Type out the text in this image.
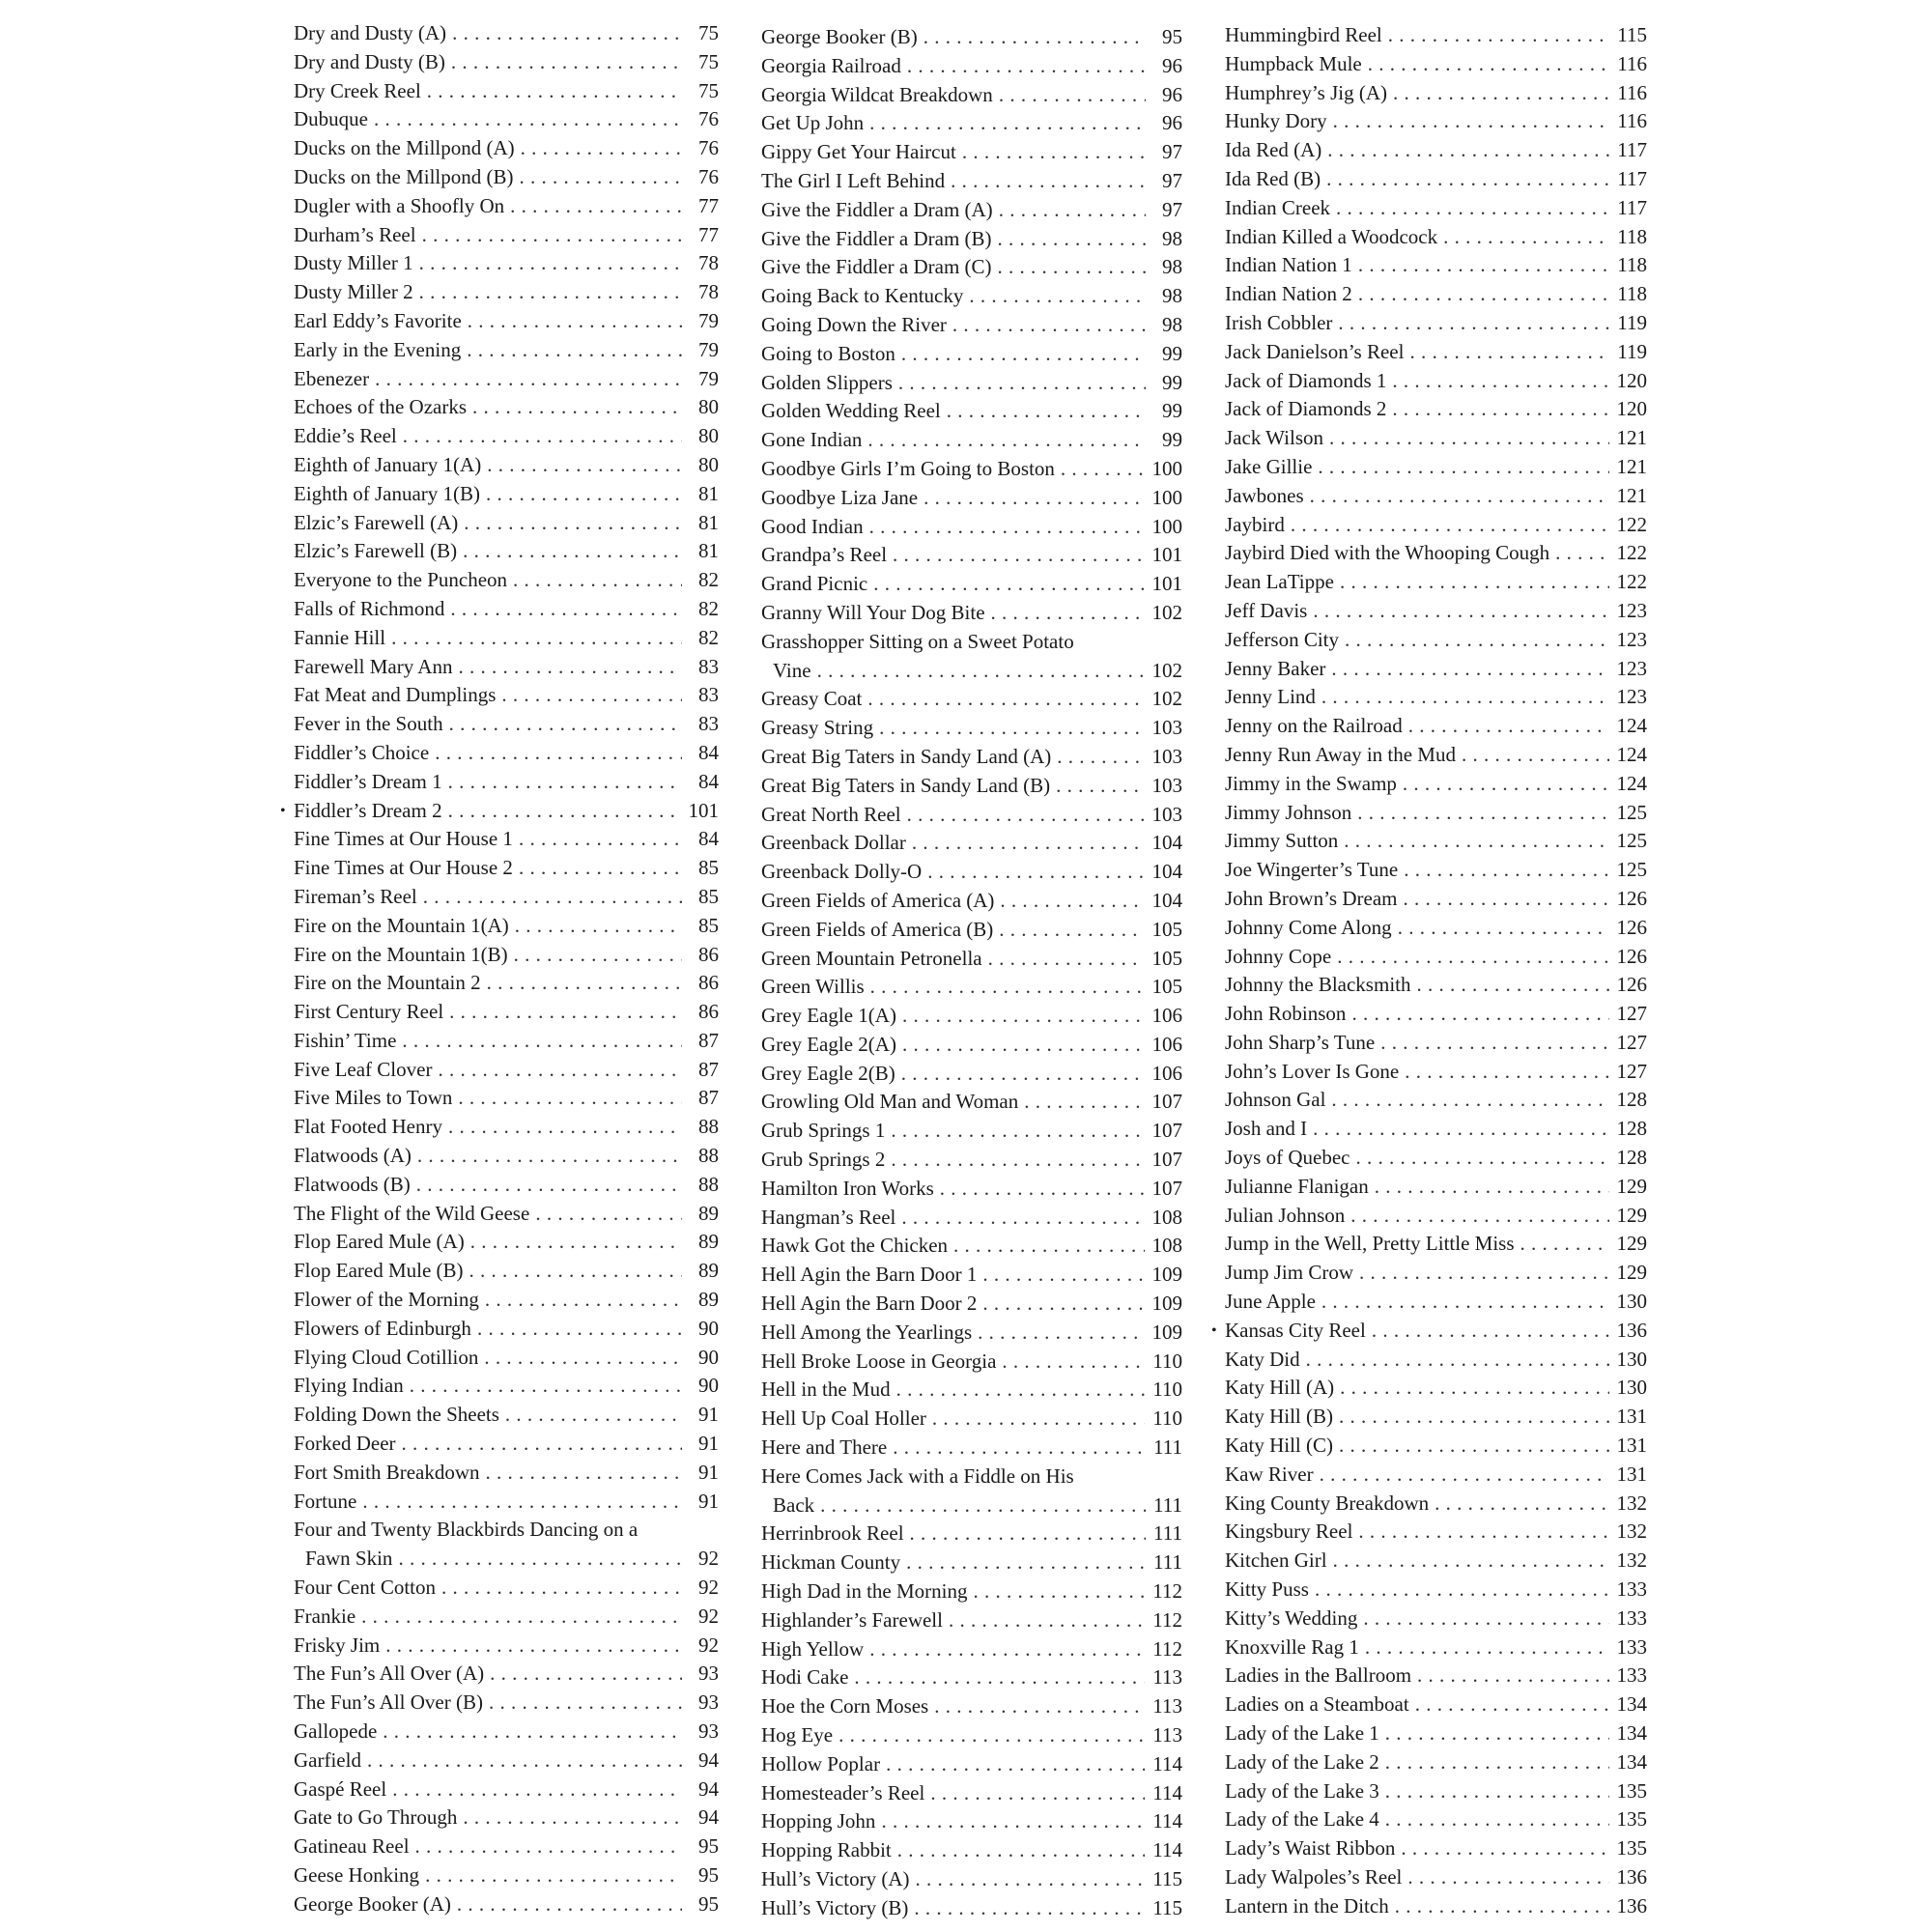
Dry and Dusty (A) . . .	75
Dry and Dusty (B) . . .	75
Dry Creek Reel . . .	75
Dubuque . . .	76
Ducks on the Millpond (A) . . .	76
Ducks on the Millpond (B) . . .	76
Dugler with a Shoofly On . . .	77
Durham’s Reel . . .	77
Dusty Miller 1 . . .	78
Dusty Miller 2 . . .	78
Earl Eddy’s Favorite . . .	79
Early in the Evening . . .	79
Ebenezer . . .	79
Echoes of the Ozarks . . .	80
Eddie’s Reel . . .	80
Eighth of January 1(A) . . .	80
Eighth of January 1(B) . . .	81
Elzic’s Farewell (A) . . .	81
Elzic’s Farewell (B) . . .	81
Everyone to the Puncheon . . .	82
Falls of Richmond . . .	82
Fannie Hill . . .	82
Farewell Mary Ann . . .	83
Fat Meat and Dumplings . . .	83
Fever in the South . . .	83
Fiddler’s Choice . . .	84
Fiddler’s Dream 1 . . .	84
• Fiddler’s Dream 2 . . .	101
Fine Times at Our House 1 . . .	84
Fine Times at Our House 2 . . .	85
Fireman’s Reel . . .	85
Fire on the Mountain 1(A) . . .	85
Fire on the Mountain 1(B) . . .	86
Fire on the Mountain 2 . . .	86
First Century Reel . . .	86
Fishin’ Time . . .	87
Five Leaf Clover . . .	87
Five Miles to Town . . .	87
Flat Footed Henry . . .	88
Flatwoods (A) . . .	88
Flatwoods (B) . . .	88
The Flight of the Wild Geese . . .	89
Flop Eared Mule (A) . . .	89
Flop Eared Mule (B) . . .	89
Flower of the Morning . . .	89
Flowers of Edinburgh . . .	90
Flying Cloud Cotillion . . .	90
Flying Indian . . .	90
Folding Down the Sheets . . .	91
Forked Deer . . .	91
Fort Smith Breakdown . . .	91
Fortune . . .	91
Four and Twenty Blackbirds Dancing on a
Fawn Skin . . .	92
Four Cent Cotton . . .	92
Frankie . . .	92
Frisky Jim . . .	92
The Fun’s All Over (A) . . .	93
The Fun’s All Over (B) . . .	93
Gallopede . . .	93
Garfield . . .	94
Gaspé Reel . . .	94
Gate to Go Through . . .	94
Gatineau Reel . . .	95
Geese Honking . . .	95
George Booker (A) . . .	95
George Booker (B) . . .	95
Georgia Railroad . . .	96
Georgia Wildcat Breakdown . . .	96
Get Up John . . .	96
Gippy Get Your Haircut . . .	97
The Girl I Left Behind . . .	97
Give the Fiddler a Dram (A) . . .	97
Give the Fiddler a Dram (B) . . .	98
Give the Fiddler a Dram (C) . . .	98
Going Back to Kentucky . . .	98
Going Down the River . . .	98
Going to Boston . . .	99
Golden Slippers . . .	99
Golden Wedding Reel . . .	99
Gone Indian . . .	99
Goodbye Girls I’m Going to Boston . . .	100
Goodbye Liza Jane . . .	100
Good Indian . . .	100
Grandpa’s Reel . . .	101
Grand Picnic . . .	101
Granny Will Your Dog Bite . . .	102
Grasshopper Sitting on a Sweet Potato
Vine . . .	102
Greasy Coat . . .	102
Greasy String . . .	103
Great Big Taters in Sandy Land (A) . . .	103
Great Big Taters in Sandy Land (B) . . .	103
Great North Reel . . .	103
Greenback Dollar . . .	104
Greenback Dolly-O . . .	104
Green Fields of America (A) . . .	104
Green Fields of America (B) . . .	105
Green Mountain Petronella . . .	105
Green Willis . . .	105
Grey Eagle 1(A) . . .	106
Grey Eagle 2(A) . . .	106
Grey Eagle 2(B) . . .	106
Growling Old Man and Woman . . .	107
Grub Springs 1 . . .	107
Grub Springs 2 . . .	107
Hamilton Iron Works . . .	107
Hangman’s Reel . . .	108
Hawk Got the Chicken . . .	108
Hell Agin the Barn Door 1 . . .	109
Hell Agin the Barn Door 2 . . .	109
Hell Among the Yearlings . . .	109
Hell Broke Loose in Georgia . . .	110
Hell in the Mud . . .	110
Hell Up Coal Holler . . .	110
Here and There . . .	111
Here Comes Jack with a Fiddle on His
Back . . .	111
Herrinbrook Reel . . .	111
Hickman County . . .	111
High Dad in the Morning . . .	112
Highlander’s Farewell . . .	112
High Yellow . . .	112
Hodi Cake . . .	113
Hoe the Corn Moses . . .	113
Hog Eye . . .	113
Hollow Poplar . . .	114
Homesteader’s Reel . . .	114
Hopping John . . .	114
Hopping Rabbit . . .	114
Hull’s Victory (A) . . .	115
Hull’s Victory (B) . . .	115
Hummingbird Reel . . .	115
Humpback Mule . . .	116
Humphrey’s Jig (A) . . .	116
Hunky Dory . . .	116
Ida Red (A) . . .	117
Ida Red (B) . . .	117
Indian Creek . . .	117
Indian Killed a Woodcock . . .	118
Indian Nation 1 . . .	118
Indian Nation 2 . . .	118
Irish Cobbler . . .	119
Jack Danielson’s Reel . . .	119
Jack of Diamonds 1 . . .	120
Jack of Diamonds 2 . . .	120
Jack Wilson . . .	121
Jake Gillie . . .	121
Jawbones . . .	121
Jaybird . . .	122
Jaybird Died with the Whooping Cough . . .	122
Jean LaTippe . . .	122
Jeff Davis . . .	123
Jefferson City . . .	123
Jenny Baker . . .	123
Jenny Lind . . .	123
Jenny on the Railroad . . .	124
Jenny Run Away in the Mud . . .	124
Jimmy in the Swamp . . .	124
Jimmy Johnson . . .	125
Jimmy Sutton . . .	125
Joe Wingerter’s Tune . . .	125
John Brown’s Dream . . .	126
Johnny Come Along . . .	126
Johnny Cope . . .	126
Johnny the Blacksmith . . .	126
John Robinson . . .	127
John Sharp’s Tune . . .	127
John’s Lover Is Gone . . .	127
Johnson Gal . . .	128
Josh and I . . .	128
Joys of Quebec . . .	128
Julianne Flanigan . . .	129
Julian Johnson . . .	129
Jump in the Well, Pretty Little Miss . . .	129
Jump Jim Crow . . .	129
June Apple . . .	130
• Kansas City Reel . . .	136
Katy Did . . .	130
Katy Hill (A) . . .	130
Katy Hill (B) . . .	131
Katy Hill (C) . . .	131
Kaw River . . .	131
King County Breakdown . . .	132
Kingsbury Reel . . .	132
Kitchen Girl . . .	132
Kitty Puss . . .	133
Kitty’s Wedding . . .	133
Knoxville Rag 1 . . .	133
Ladies in the Ballroom . . .	133
Ladies on a Steamboat . . .	134
Lady of the Lake 1 . . .	134
Lady of the Lake 2 . . .	134
Lady of the Lake 3 . . .	135
Lady of the Lake 4 . . .	135
Lady’s Waist Ribbon . . .	135
Lady Walpoles’s Reel . . .	136
Lantern in the Ditch . . .	136
